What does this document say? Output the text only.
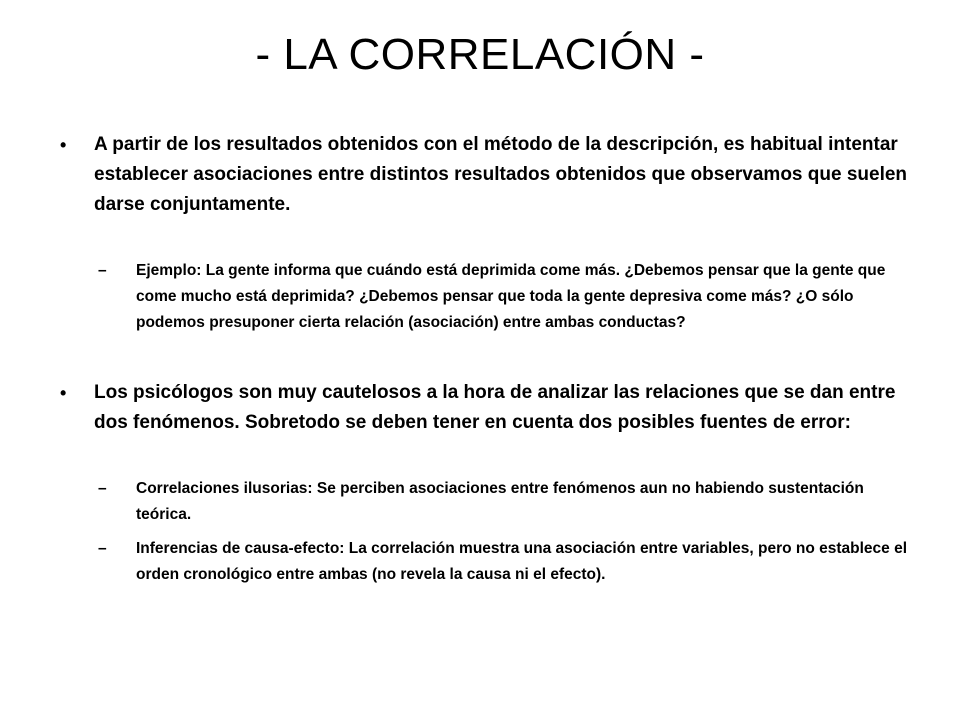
- LA CORRELACIÓN -

• A partir de los resultados obtenidos con el método de la descripción, es habitual intentar establecer asociaciones entre distintos resultados obtenidos que observamos que suelen darse conjuntamente.

– Ejemplo: La gente informa que cuándo está deprimida come más. ¿Debemos pensar que la gente que come mucho está deprimida? ¿Debemos pensar que toda la gente depresiva come más? ¿O sólo podemos presuponer cierta relación (asociación) entre ambas conductas?

• Los psicólogos son muy cautelosos a la hora de analizar las relaciones que se dan entre dos fenómenos. Sobretodo se deben tener en cuenta dos posibles fuentes de error:

– Correlaciones ilusorias: Se perciben asociaciones entre fenómenos aun no habiendo sustentación teórica.

– Inferencias de causa-efecto: La correlación muestra una asociación entre variables, pero no establece el orden cronológico entre ambas (no revela la causa ni el efecto).
